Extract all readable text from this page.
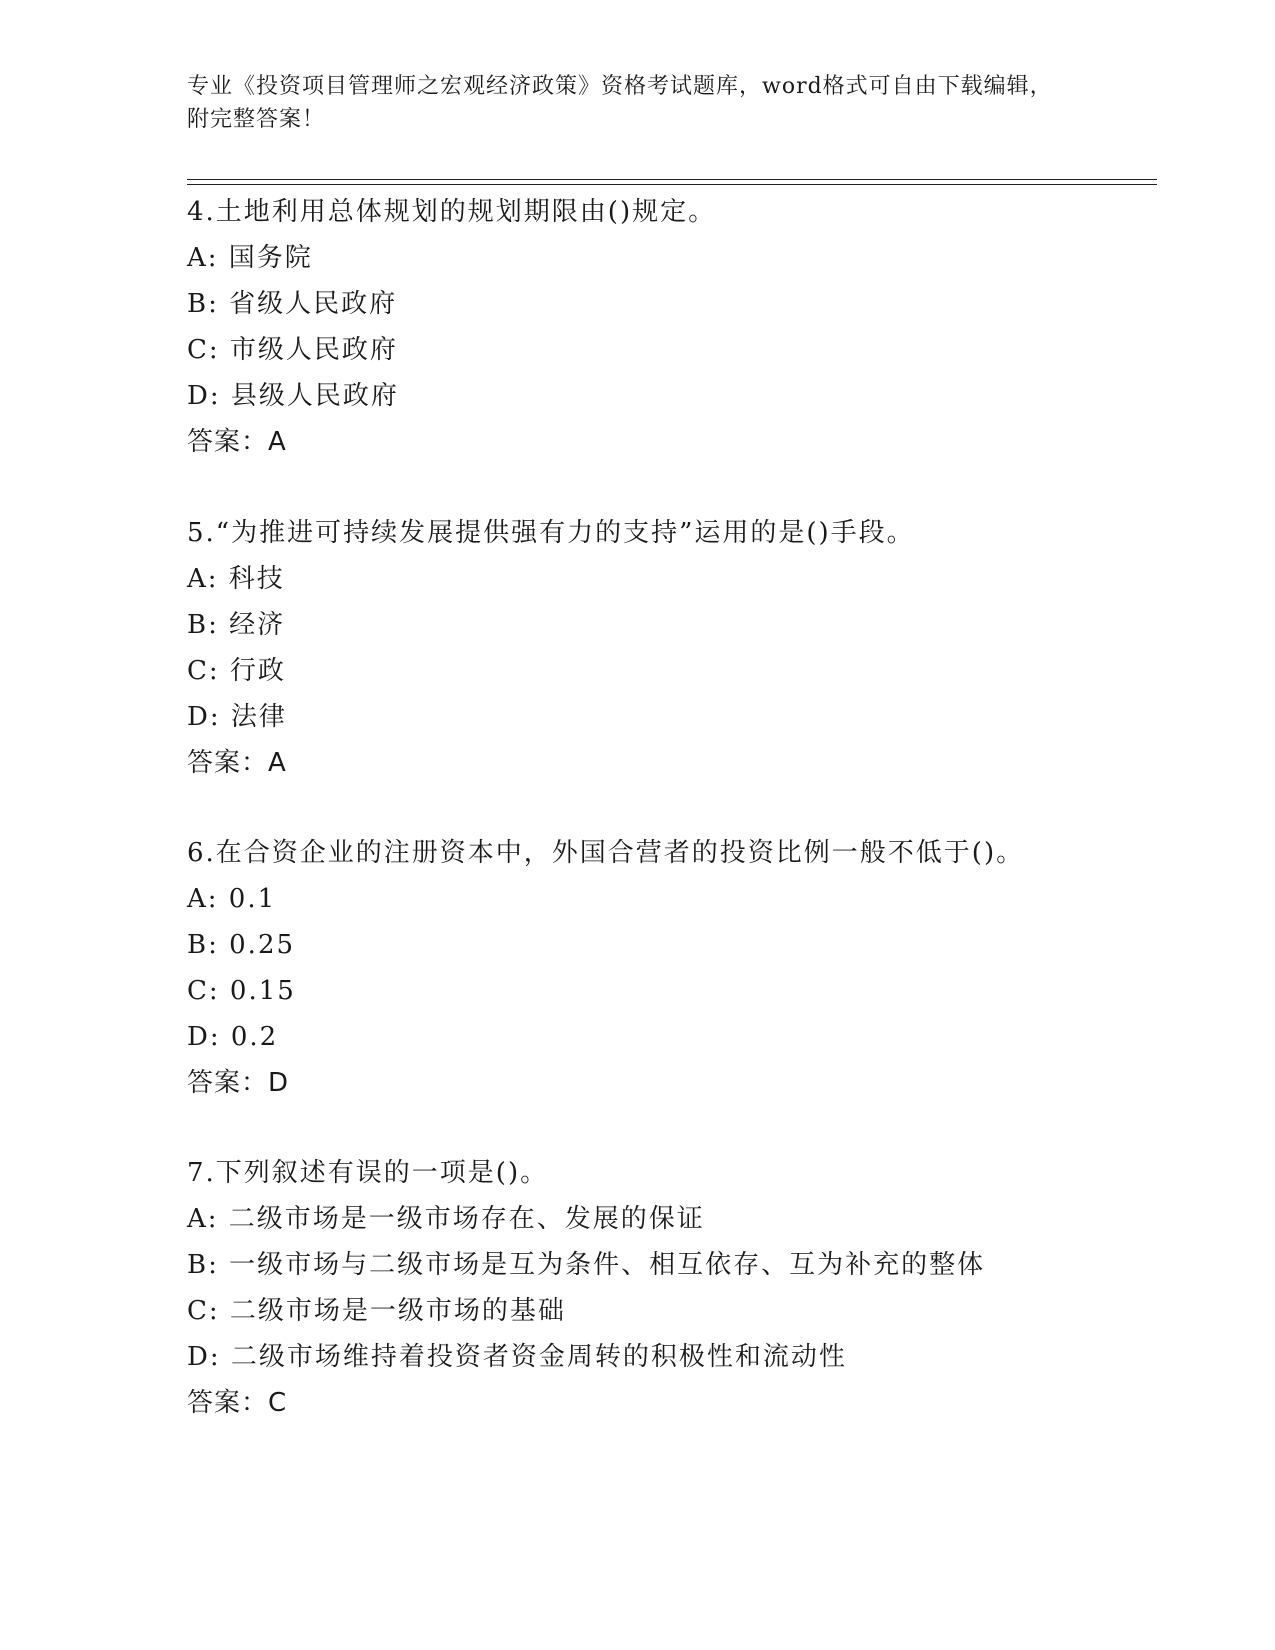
专业《投资项目管理师之宏观经济政策》资格考试题库，word格式可自由下载编辑，附完整答案！
4.土地利用总体规划的规划期限由()规定。
A: 国务院
B: 省级人民政府
C: 市级人民政府
D: 县级人民政府
答案：A
5.“为推进可持续发展提供强有力的支持”运用的是()手段。
A: 科技
B: 经济
C: 行政
D: 法律
答案：A
6.在合资企业的注册资本中，外国合营者的投资比例一般不低于()。
A: 0.1
B: 0.25
C: 0.15
D: 0.2
答案：D
7.下列叙述有误的一项是()。
A: 二级市场是一级市场存在、发展的保证
B: 一级市场与二级市场是互为条件、相互依存、互为补充的整体
C: 二级市场是一级市场的基础
D: 二级市场维持着投资者资金周转的积极性和流动性
答案：C
